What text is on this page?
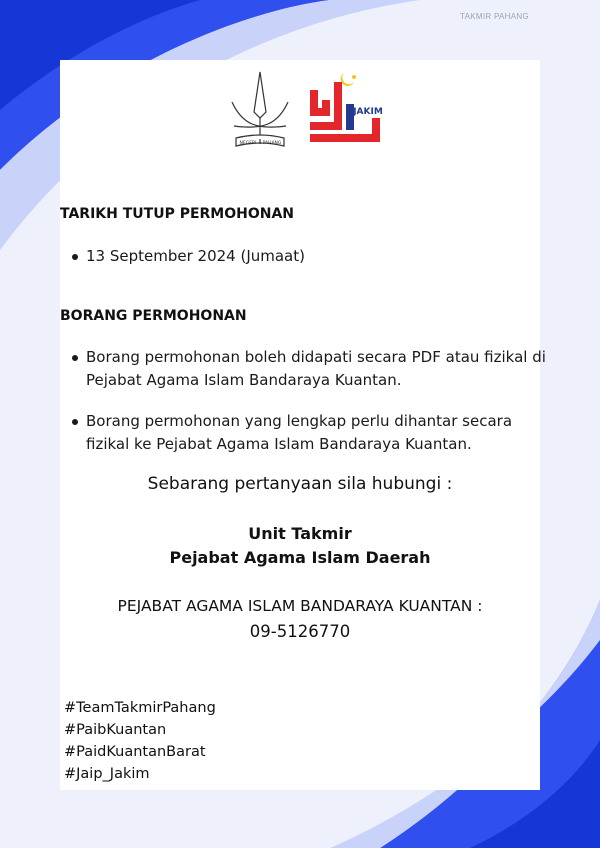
TAKMIR PAHANG
NEGERI PAHANG
JAKIM

TARIKH TUTUP PERMOHONAN

13 September 2024 (Jumaat)

BORANG PERMOHONAN

Borang permohonan boleh didapati secara PDF atau fizikal di Pejabat Agama Islam Bandaraya Kuantan.
Borang permohonan yang lengkap perlu dihantar secara fizikal ke Pejabat Agama Islam Bandaraya Kuantan.

Sebarang pertanyaan sila hubungi :

Unit Takmir

Pejabat Agama Islam Daerah

PEJABAT AGAMA ISLAM BANDARAYA KUANTAN :

09-5126770

#TeamTakmirPahang
#PaibKuantan
#PaidKuantanBarat
#Jaip_Jakim
